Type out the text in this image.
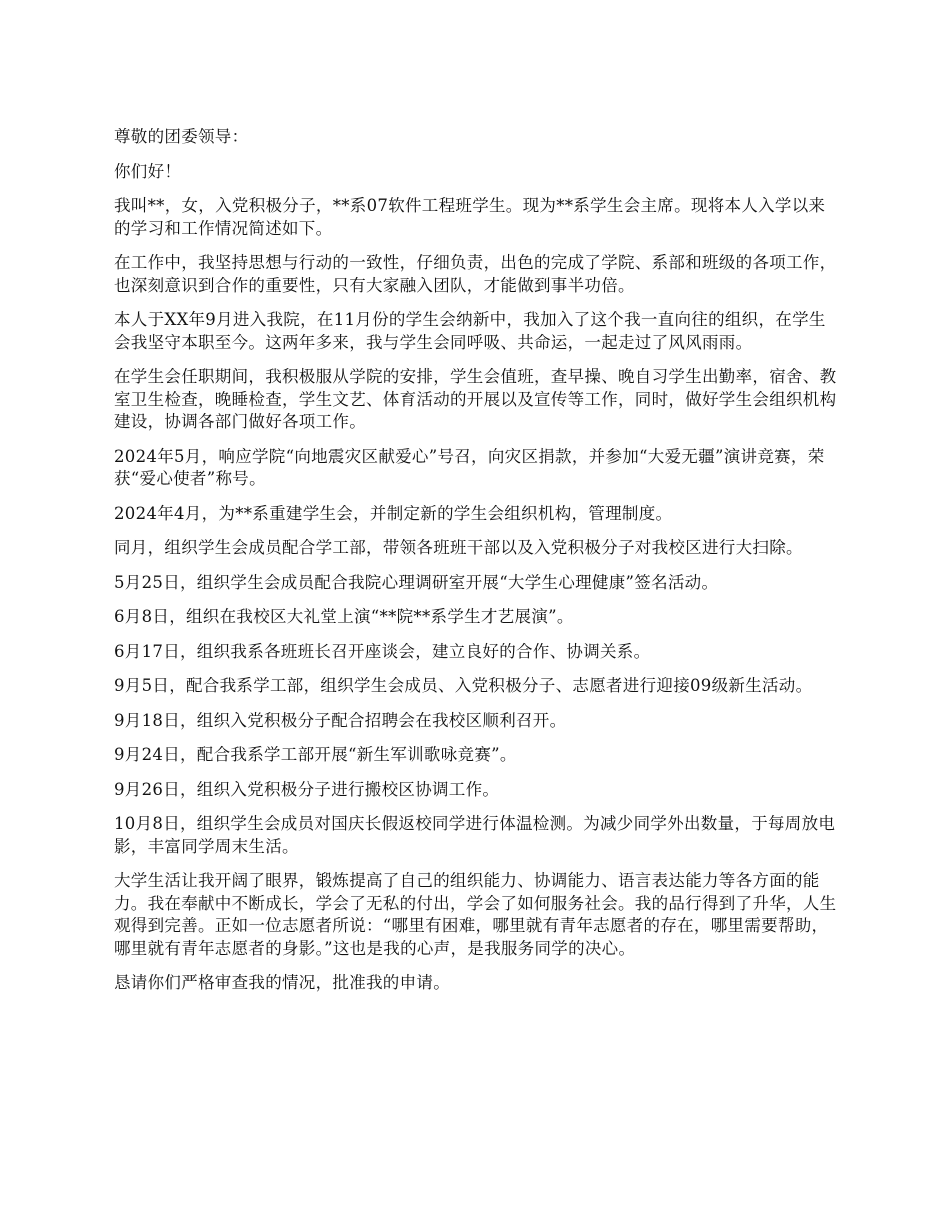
尊敬的团委领导：

你们好！

我叫**，女，入党积极分子，**系07软件工程班学生。现为**系学生会主席。现将本人入学以来的学习和工作情况简述如下。

在工作中，我坚持思想与行动的一致性，仔细负责，出色的完成了学院、系部和班级的各项工作，也深刻意识到合作的重要性，只有大家融入团队，才能做到事半功倍。

本人于XX年9月进入我院，在11月份的学生会纳新中，我加入了这个我一直向往的组织，在学生会我坚守本职至今。这两年多来，我与学生会同呼吸、共命运，一起走过了风风雨雨。

在学生会任职期间，我积极服从学院的安排，学生会值班，查早操、晚自习学生出勤率，宿舍、教室卫生检查，晚睡检查，学生文艺、体育活动的开展以及宣传等工作，同时，做好学生会组织机构建设，协调各部门做好各项工作。

2024年5月，响应学院“向地震灾区献爱心”号召，向灾区捐款，并参加“大爱无疆”演讲竞赛，荣获“爱心使者”称号。

2024年4月，为**系重建学生会，并制定新的学生会组织机构，管理制度。

同月，组织学生会成员配合学工部，带领各班班干部以及入党积极分子对我校区进行大扫除。

5月25日，组织学生会成员配合我院心理调研室开展“大学生心理健康”签名活动。

6月8日，组织在我校区大礼堂上演“**院**系学生才艺展演”。

6月17日，组织我系各班班长召开座谈会，建立良好的合作、协调关系。

9月5日，配合我系学工部，组织学生会成员、入党积极分子、志愿者进行迎接09级新生活动。

9月18日，组织入党积极分子配合招聘会在我校区顺利召开。

9月24日，配合我系学工部开展“新生军训歌咏竞赛”。

9月26日，组织入党积极分子进行搬校区协调工作。

10月8日，组织学生会成员对国庆长假返校同学进行体温检测。为减少同学外出数量，于每周放电影，丰富同学周末生活。

大学生活让我开阔了眼界，锻炼提高了自己的组织能力、协调能力、语言表达能力等各方面的能力。我在奉献中不断成长，学会了无私的付出，学会了如何服务社会。我的品行得到了升华，人生观得到完善。正如一位志愿者所说：“哪里有困难，哪里就有青年志愿者的存在，哪里需要帮助，哪里就有青年志愿者的身影。”这也是我的心声，是我服务同学的决心。

恳请你们严格审查我的情况，批准我的申请。
